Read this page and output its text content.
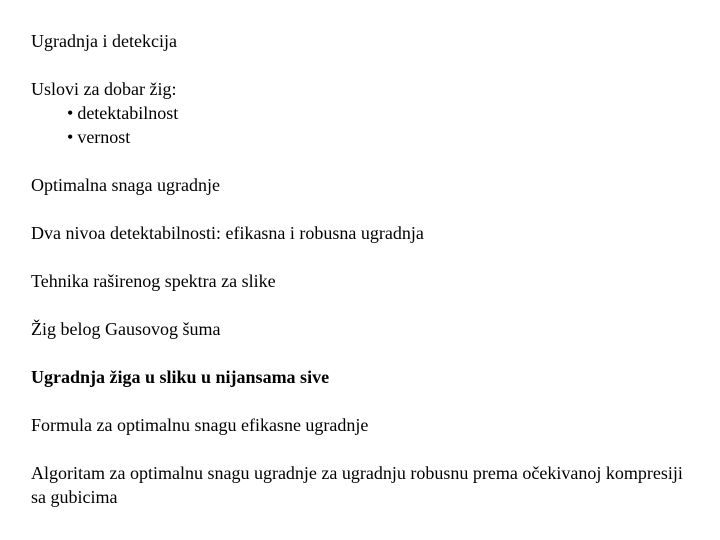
Ugradnja i detekcija

Uslovi za dobar žig:
• detektabilnost
• vernost

Optimalna snaga ugradnje

Dva nivoa detektabilnosti: efikasna i robusna ugradnja

Tehnika raširenog spektra za slike

Žig belog Gausovog šuma

Ugradnja žiga u sliku u nijansama sive

Formula za optimalnu snagu efikasne ugradnje

Algoritam za optimalnu snagu ugradnje za ugradnju robusnu prema očekivanoj kompresiji sa gubicima
